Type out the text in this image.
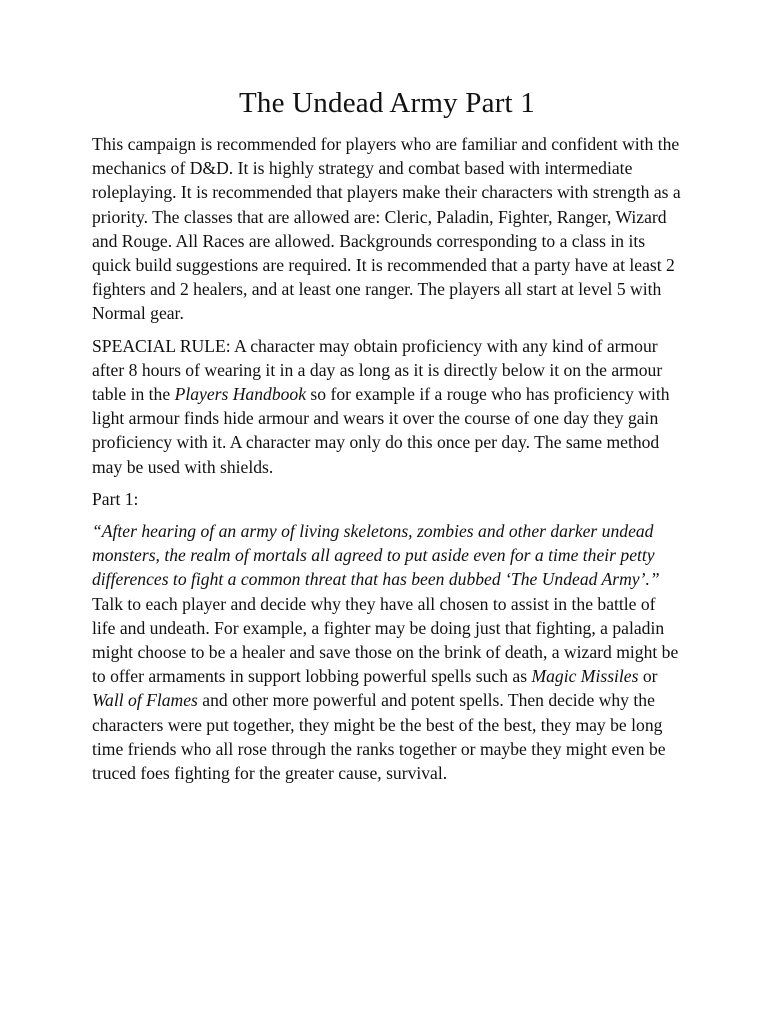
The Undead Army Part 1

This campaign is recommended for players who are familiar and confident with the mechanics of D&D. It is highly strategy and combat based with intermediate roleplaying. It is recommended that players make their characters with strength as a priority. The classes that are allowed are: Cleric, Paladin, Fighter, Ranger, Wizard and Rouge. All Races are allowed. Backgrounds corresponding to a class in its quick build suggestions are required. It is recommended that a party have at least 2 fighters and 2 healers, and at least one ranger. The players all start at level 5 with Normal gear.

SPEACIAL RULE: A character may obtain proficiency with any kind of armour after 8 hours of wearing it in a day as long as it is directly below it on the armour table in the Players Handbook so for example if a rouge who has proficiency with light armour finds hide armour and wears it over the course of one day they gain proficiency with it. A character may only do this once per day. The same method may be used with shields.

Part 1:

“After hearing of an army of living skeletons, zombies and other darker undead monsters, the realm of mortals all agreed to put aside even for a time their petty differences to fight a common threat that has been dubbed ‘The Undead Army’.”

Talk to each player and decide why they have all chosen to assist in the battle of life and undeath. For example, a fighter may be doing just that fighting, a paladin might choose to be a healer and save those on the brink of death, a wizard might be to offer armaments in support lobbing powerful spells such as Magic Missiles or Wall of Flames and other more powerful and potent spells. Then decide why the characters were put together, they might be the best of the best, they may be long time friends who all rose through the ranks together or maybe they might even be truced foes fighting for the greater cause, survival.
